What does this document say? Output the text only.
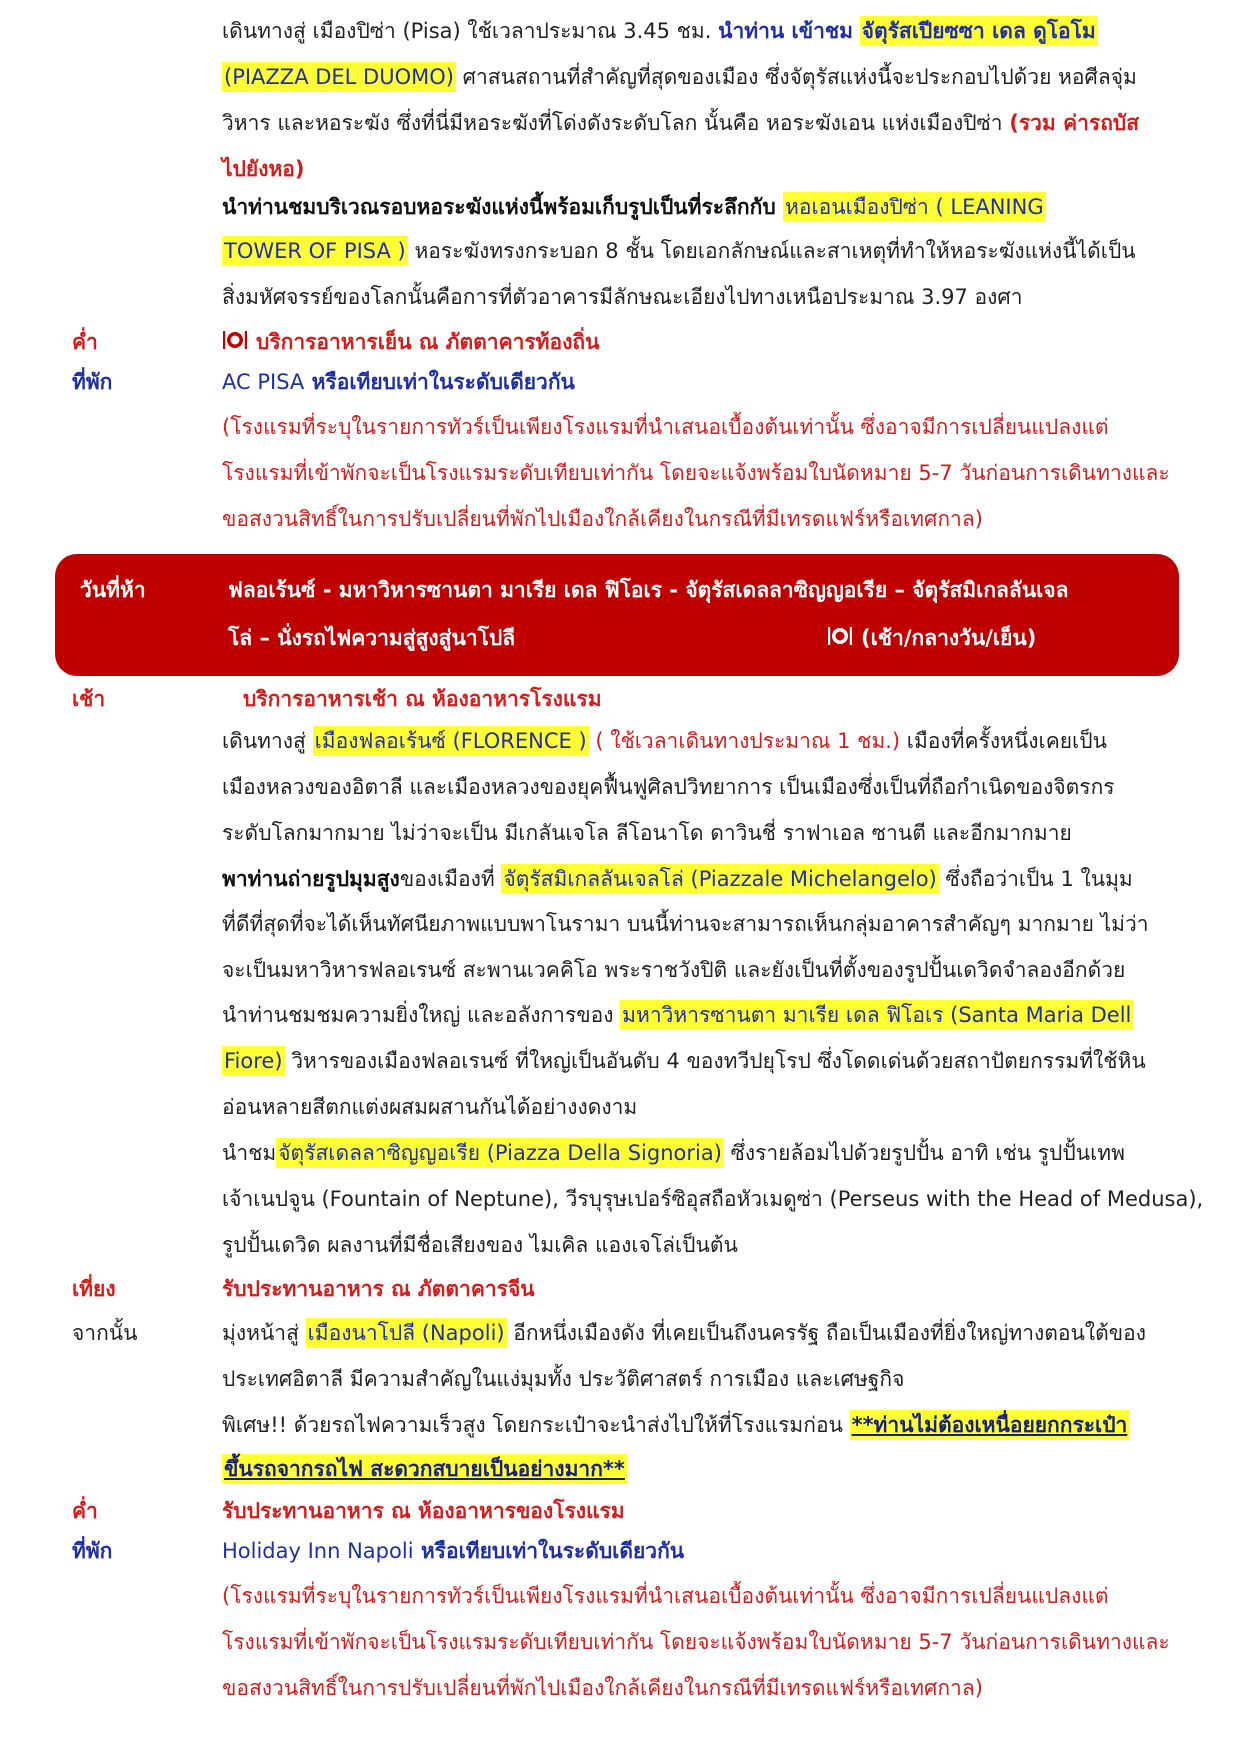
เดินทางสู่ เมืองปิซ่า (Pisa) ใช้เวลาประมาณ 3.45 ชม. นำท่าน เข้าชม จัตุรัสเปียซซา เดล ดูโอโม
(PIAZZA DEL DUOMO) ศาสนสถานที่สำคัญที่สุดของเมือง ซึ่งจัตุรัสแห่งนี้จะประกอบไปด้วย หอศีลจุ่ม
วิหาร และหอระฆัง ซึ่งที่นี่มีหอระฆังที่โด่งดังระดับโลก นั้นคือ หอระฆังเอน แห่งเมืองปิซ่า (รวม ค่ารถบัส
ไปยังหอ)
นำท่านชมบริเวณรอบหอระฆังแห่งนี้พร้อมเก็บรูปเป็นที่ระลึกกับ หอเอนเมืองปิซ่า ( LEANING
TOWER OF PISA ) หอระฆังทรงกระบอก 8 ชั้น โดยเอกลักษณ์และสาเหตุที่ทำให้หอระฆังแห่งนี้ได้เป็น
สิ่งมหัศจรรย์ของโลกนั้นคือการที่ตัวอาคารมีลักษณะเอียงไปทางเหนือประมาณ 3.97 องศา
ค่ำ	บริการอาหารเย็น ณ ภัตตาคารท้องถิ่น
ที่พัก	AC PISA หรือเทียบเท่าในระดับเดียวกัน
(โรงแรมที่ระบุในรายการทัวร์เป็นเพียงโรงแรมที่นำเสนอเบื้องต้นเท่านั้น ซึ่งอาจมีการเปลี่ยนแปลงแต่
โรงแรมที่เข้าพักจะเป็นโรงแรมระดับเทียบเท่ากัน โดยจะแจ้งพร้อมใบนัดหมาย 5-7 วันก่อนการเดินทางและ
ขอสงวนสิทธิ์ในการปรับเปลี่ยนที่พักไปเมืองใกล้เคียงในกรณีที่มีเทรดแฟร์หรือเทศกาล)
วันที่ห้า	ฟลอเร้นซ์ - มหาวิหารซานตา มาเรีย เดล ฟิโอเร - จัตุรัสเดลลาซิญญอเรีย – จัตุรัสมิเกลลันเจล
โล่ – นั่งรถไฟความสู่สูงสู่นาโปลี	(เช้า/กลางวัน/เย็น)
เช้า	บริการอาหารเช้า ณ ห้องอาหารโรงแรม
เดินทางสู่ เมืองฟลอเร้นซ์ (FLORENCE ) ( ใช้เวลาเดินทางประมาณ 1 ชม.) เมืองที่ครั้งหนึ่งเคยเป็น
เมืองหลวงของอิตาลี และเมืองหลวงของยุคฟื้นฟูศิลปวิทยาการ เป็นเมืองซึ่งเป็นที่ถือกำเนิดของจิตรกร
ระดับโลกมากมาย ไม่ว่าจะเป็น มีเกลันเจโล ลีโอนาโด ดาวินชี่ ราฟาเอล ซานตี และอีกมากมาย
พาท่านถ่ายรูปมุมสูงของเมืองที่ จัตุรัสมิเกลลันเจลโล่ (Piazzale Michelangelo) ซึ่งถือว่าเป็น 1 ในมุม
ที่ดีที่สุดที่จะได้เห็นทัศนียภาพแบบพาโนรามา บนนี้ท่านจะสามารถเห็นกลุ่มอาคารสำคัญๆ มากมาย ไม่ว่า
จะเป็นมหาวิหารฟลอเรนซ์ สะพานเวคคิโอ พระราชวังปิติ และยังเป็นที่ตั้งของรูปปั้นเดวิดจำลองอีกด้วย
นำท่านชมชมความยิ่งใหญ่ และอลังการของ มหาวิหารซานตา มาเรีย เดล ฟิโอเร (Santa Maria Dell
Fiore) วิหารของเมืองฟลอเรนซ์ ที่ใหญ่เป็นอันดับ 4 ของทวีปยุโรป ซึ่งโดดเด่นด้วยสถาปัตยกรรมที่ใช้หิน
อ่อนหลายสีตกแต่งผสมผสานกันได้อย่างงดงาม
นำชมจัตุรัสเดลลาซิญญอเรีย (Piazza Della Signoria) ซึ่งรายล้อมไปด้วยรูปปั้น อาทิ เช่น รูปปั้นเทพ
เจ้าเนปจูน (Fountain of Neptune), วีรบุรุษเปอร์ซิอุสถือหัวเมดูซ่า (Perseus with the Head of Medusa),
รูปปั้นเดวิด ผลงานที่มีชื่อเสียงของ ไมเคิล แองเจโล่เป็นต้น
เที่ยง	รับประทานอาหาร ณ ภัตตาคารจีน
จากนั้น	มุ่งหน้าสู่ เมืองนาโปลี (Napoli) อีกหนึ่งเมืองดัง ที่เคยเป็นถึงนครรัฐ ถือเป็นเมืองที่ยิ่งใหญ่ทางตอนใต้ของ
ประเทศอิตาลี มีความสำคัญในแง่มุมทั้ง ประวัติศาสตร์ การเมือง และเศษฐกิจ
พิเศษ!! ด้วยรถไฟความเร็วสูง โดยกระเป๋าจะนำส่งไปให้ที่โรงแรมก่อน **ท่านไม่ต้องเหนื่อยยกกระเป๋า
ขึ้นรถจากรถไฟ สะดวกสบายเป็นอย่างมาก**
ค่ำ	รับประทานอาหาร ณ ห้องอาหารของโรงแรม
ที่พัก	Holiday Inn Napoli หรือเทียบเท่าในระดับเดียวกัน
(โรงแรมที่ระบุในรายการทัวร์เป็นเพียงโรงแรมที่นำเสนอเบื้องต้นเท่านั้น ซึ่งอาจมีการเปลี่ยนแปลงแต่
โรงแรมที่เข้าพักจะเป็นโรงแรมระดับเทียบเท่ากัน โดยจะแจ้งพร้อมใบนัดหมาย 5-7 วันก่อนการเดินทางและ
ขอสงวนสิทธิ์ในการปรับเปลี่ยนที่พักไปเมืองใกล้เคียงในกรณีที่มีเทรดแฟร์หรือเทศกาล)
